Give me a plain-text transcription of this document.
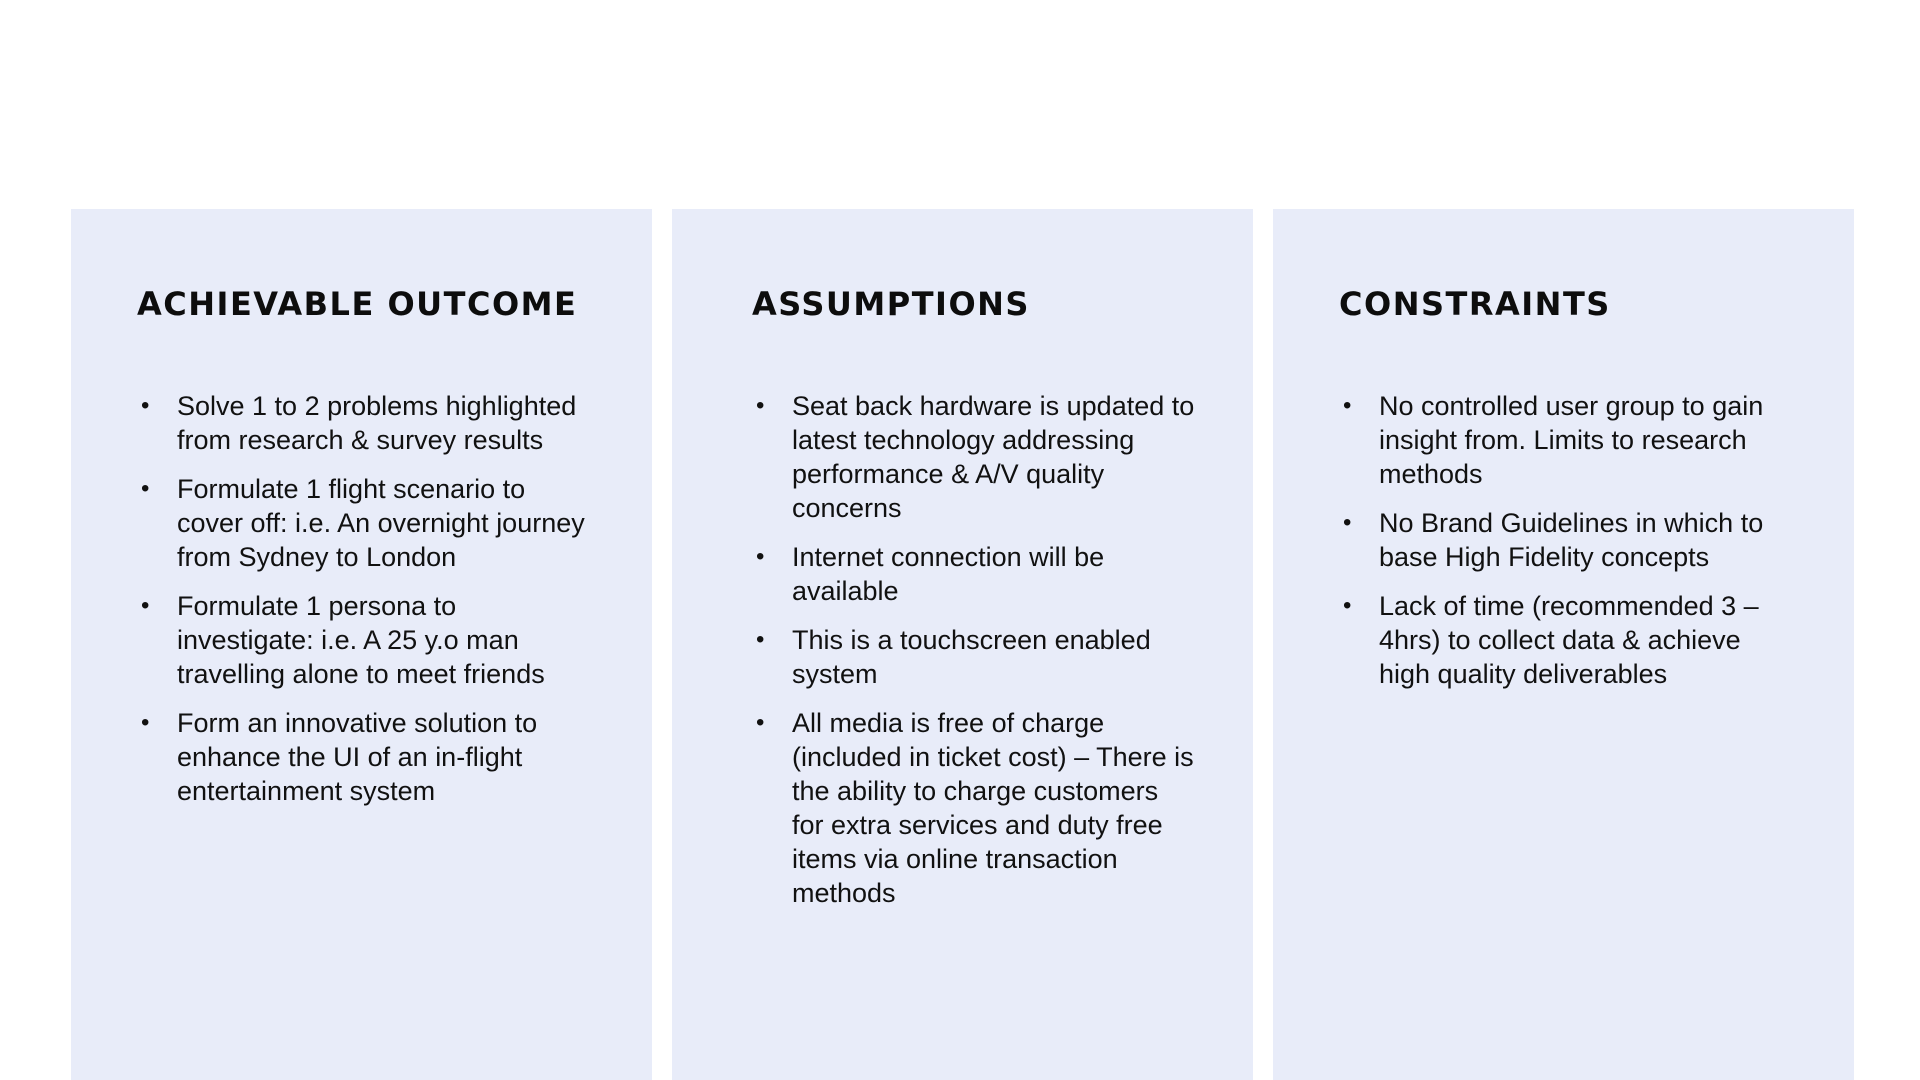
ACHIEVABLE OUTCOME
• Solve 1 to 2 problems highlighted from research & survey results
• Formulate 1 flight scenario to cover off: i.e. An overnight journey from Sydney to London
• Formulate 1 persona to investigate: i.e. A 25 y.o man travelling alone to meet friends
• Form an innovative solution to enhance the UI of an in-flight entertainment system
ASSUMPTIONS
• Seat back hardware is updated to latest technology addressing performance & A/V quality concerns
• Internet connection will be available
• This is a touchscreen enabled system
• All media is free of charge (included in ticket cost) – There is the ability to charge customers for extra services and duty free items via online transaction methods
CONSTRAINTS
• No controlled user group to gain insight from. Limits to research methods
• No Brand Guidelines in which to base High Fidelity concepts
• Lack of time (recommended 3 – 4hrs) to collect data & achieve high quality deliverables
